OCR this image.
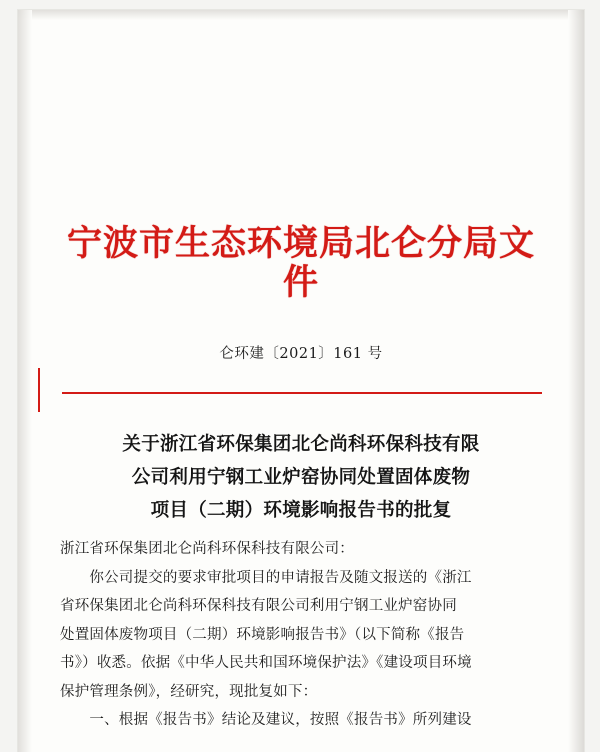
宁波市生态环境局北仑分局文件
仑环建〔2021〕161 号
关于浙江省环保集团北仑尚科环保科技有限
公司利用宁钢工业炉窑协同处置固体废物
项目（二期）环境影响报告书的批复
浙江省环保集团北仑尚科环保科技有限公司：
　　你公司提交的要求审批项目的申请报告及随文报送的《浙江
省环保集团北仑尚科环保科技有限公司利用宁钢工业炉窑协同
处置固体废物项目（二期）环境影响报告书》（以下简称《报告
书》）收悉。依据《中华人民共和国环境保护法》《建设项目环境
保护管理条例》，经研究，现批复如下：
　　一、根据《报告书》结论及建议，按照《报告书》所列建设
